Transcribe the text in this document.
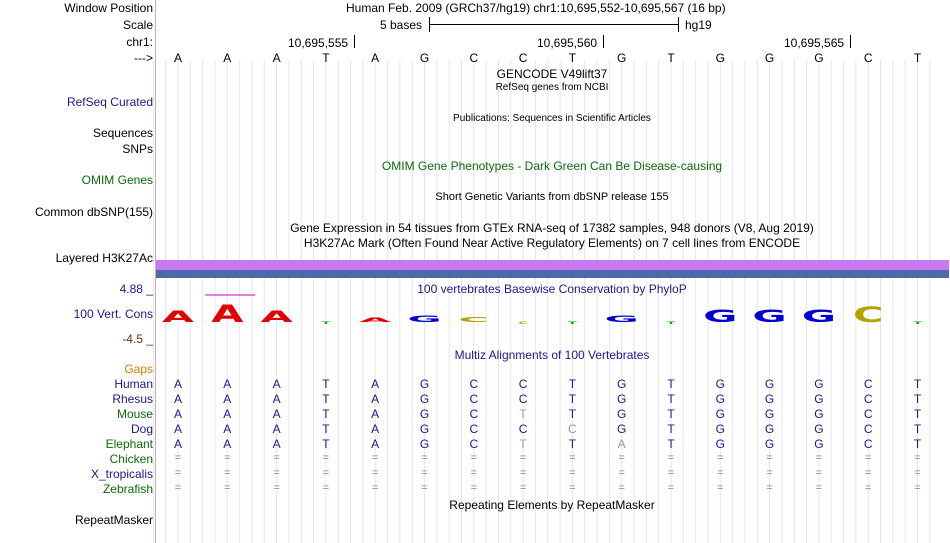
Window Position
Scale
chr1:
--->
RefSeq Curated
Sequences
SNPs
OMIM Genes
Common dbSNP(155)
Layered H3K27Ac
4.88 _
100 Vert. Cons
-4.5 _
Gaps
RepeatMasker
Human
Rhesus
Mouse
Dog
Elephant
Chicken
X_tropicalis
Zebrafish
Human Feb. 2009 (GRCh37/hg19) chr1:10,695,552-10,695,567 (16 bp)
5 bases	hg19
10,695,555	10,695,560	10,695,565
A	A	A	T	A	G	C	C	T	G	T	G	G	G	C	T
GENCODE V49lift37
RefSeq genes from NCBI
Publications: Sequences in Scientific Articles
OMIM Gene Phenotypes - Dark Green Can Be Disease-causing
Short Genetic Variants from dbSNP release 155
Gene Expression in 54 tissues from GTEx RNA-seq of 17382 samples, 948 donors (V8, Aug 2019)
H3K27Ac Mark (Often Found Near Active Regulatory Elements) on 7 cell lines from ENCODE
100 vertebrates Basewise Conservation by PhyloP
A A A T A G C C T G T G G G C T
Multiz Alignments of 100 Vertebrates
A	A	A	T	A	G	C	C	T	G	T	G	G	G	C	T
A	A	A	T	A	G	C	C	T	G	T	G	G	G	C	T
A	A	A	T	A	G	C	T	T	G	T	G	G	G	C	T
A	A	A	T	A	G	C	C	C	G	T	G	G	G	C	T
A	A	A	T	A	G	C	T	T	A	T	G	G	G	C	T
=	=	=	=	=	=	=	=	=	=	=	=	=	=	=	=
=	=	=	=	=	=	=	=	=	=	=	=	=	=	=	=
=	=	=	=	=	=	=	=	=	=	=	=	=	=	=	=
Repeating Elements by RepeatMasker
